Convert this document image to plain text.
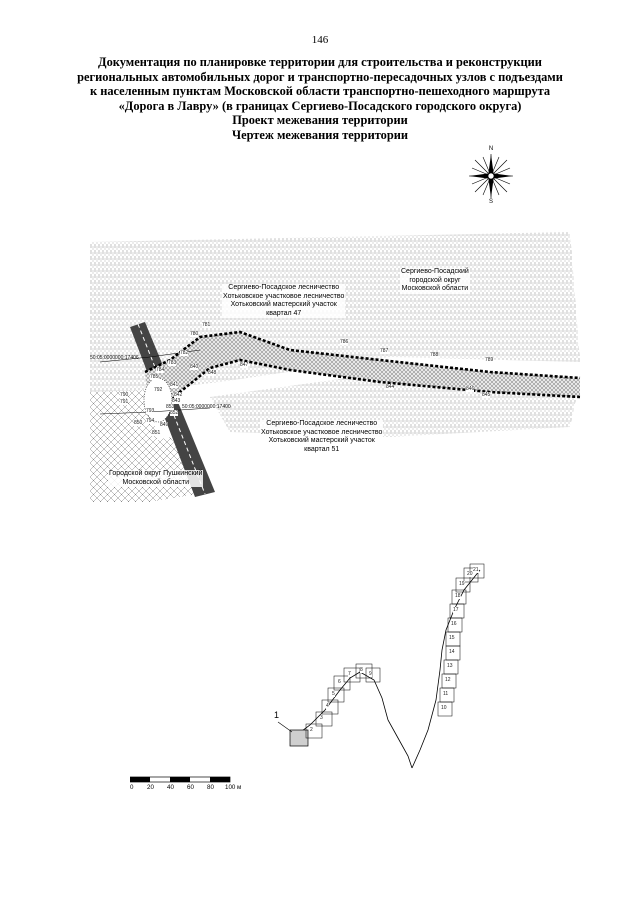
146
Документация по планировке территории для строительства и реконструкции
региональных автомобильных дорог и транспортно-пересадочных узлов с подъездами
к населенным пунктам Московской области транспортно-пешеходного маршрута
«Дорога в Лавру» (в границах Сергиево-Посадского городского округа)
Проект межевания территории
Чертеж межевания территории
N
S
Сергиево-Посадское лесничество
Хотьковское участковое лесничество
Хотьковский мастерский участок
квартал 47
Сергиево-Посадский
городской округ
Московской области
Сергиево-Посадское лесничество
Хотьковское участковое лесничество
Хотьковский мастерский участок
квартал 51
Городской округ Пушкинский
Московской области
50:05:0000000:17406
50:05:0000000:17400
780
781
782
783
784
785
786
787
788
789
790
791
792
793
794
840
841
842
843
844
845
846
847
848
849
850
851
852
853
1
2
3
4
5
6
7
8
9
10
11
12
13
14
15
16
17
18
19
20
21
0 20 40 60 80 100 м
